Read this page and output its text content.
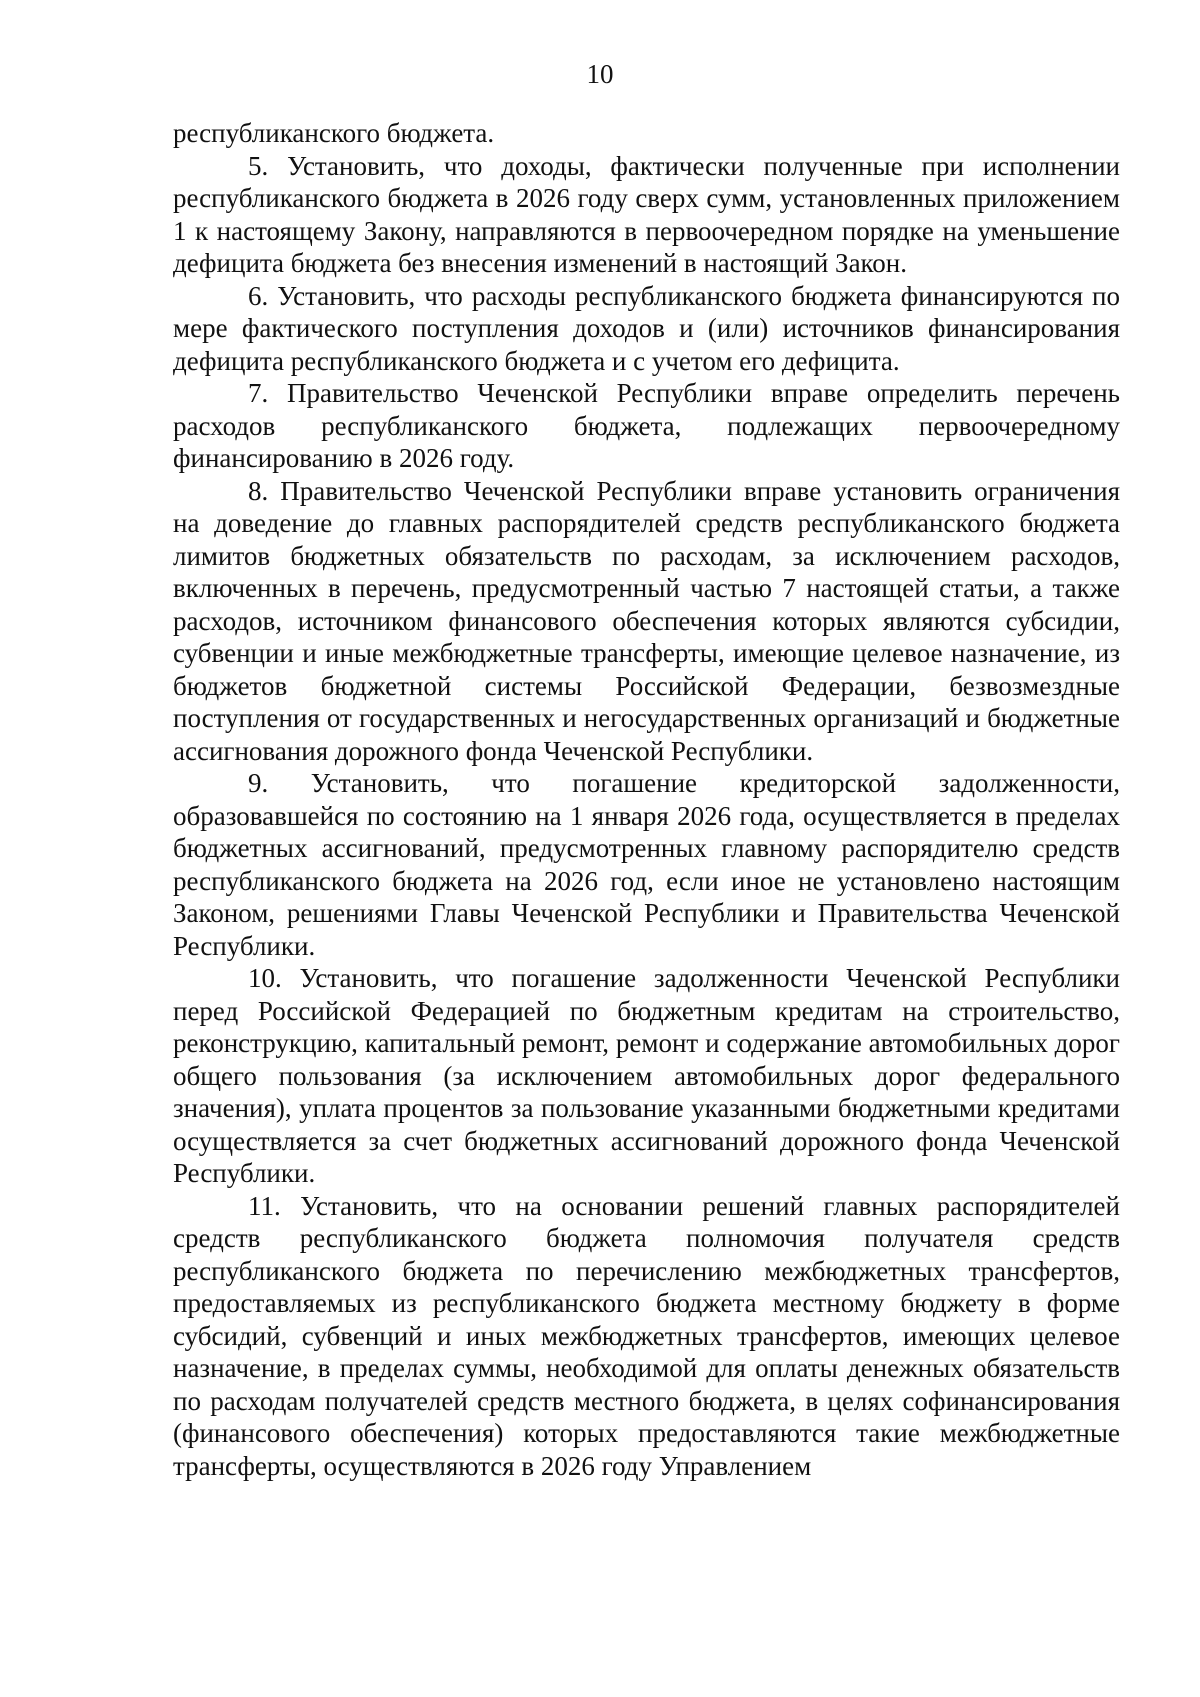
10

республиканского бюджета.

5. Установить, что доходы, фактически полученные при исполнении республиканского бюджета в 2026 году сверх сумм, установленных приложением 1 к настоящему Закону, направляются в первоочередном порядке на уменьшение дефицита бюджета без внесения изменений в настоящий Закон.

6. Установить, что расходы республиканского бюджета финансируются по мере фактического поступления доходов и (или) источников финансирования дефицита республиканского бюджета и с учетом его дефицита.

7. Правительство Чеченской Республики вправе определить перечень расходов республиканского бюджета, подлежащих первоочередному финансированию в 2026 году.

8. Правительство Чеченской Республики вправе установить ограничения на доведение до главных распорядителей средств республиканского бюджета лимитов бюджетных обязательств по расходам, за исключением расходов, включенных в перечень, предусмотренный частью 7 настоящей статьи, а также расходов, источником финансового обеспечения которых являются субсидии, субвенции и иные межбюджетные трансферты, имеющие целевое назначение, из бюджетов бюджетной системы Российской Федерации, безвозмездные поступления от государственных и негосударственных организаций и бюджетные ассигнования дорожного фонда Чеченской Республики.

9. Установить, что погашение кредиторской задолженности, образовавшейся по состоянию на 1 января 2026 года, осуществляется в пределах бюджетных ассигнований, предусмотренных главному распорядителю средств республиканского бюджета на 2026 год, если иное не установлено настоящим Законом, решениями Главы Чеченской Республики и Правительства Чеченской Республики.

10. Установить, что погашение задолженности Чеченской Республики перед Российской Федерацией по бюджетным кредитам на строительство, реконструкцию, капитальный ремонт, ремонт и содержание автомобильных дорог общего пользования (за исключением автомобильных дорог федерального значения), уплата процентов за пользование указанными бюджетными кредитами осуществляется за счет бюджетных ассигнований дорожного фонда Чеченской Республики.

11. Установить, что на основании решений главных распорядителей средств республиканского бюджета полномочия получателя средств республиканского бюджета по перечислению межбюджетных трансфертов, предоставляемых из республиканского бюджета местному бюджету в форме субсидий, субвенций и иных межбюджетных трансфертов, имеющих целевое назначение, в пределах суммы, необходимой для оплаты денежных обязательств по расходам получателей средств местного бюджета, в целях софинансирования (финансового обеспечения) которых предоставляются такие межбюджетные трансферты, осуществляются в 2026 году Управлением
